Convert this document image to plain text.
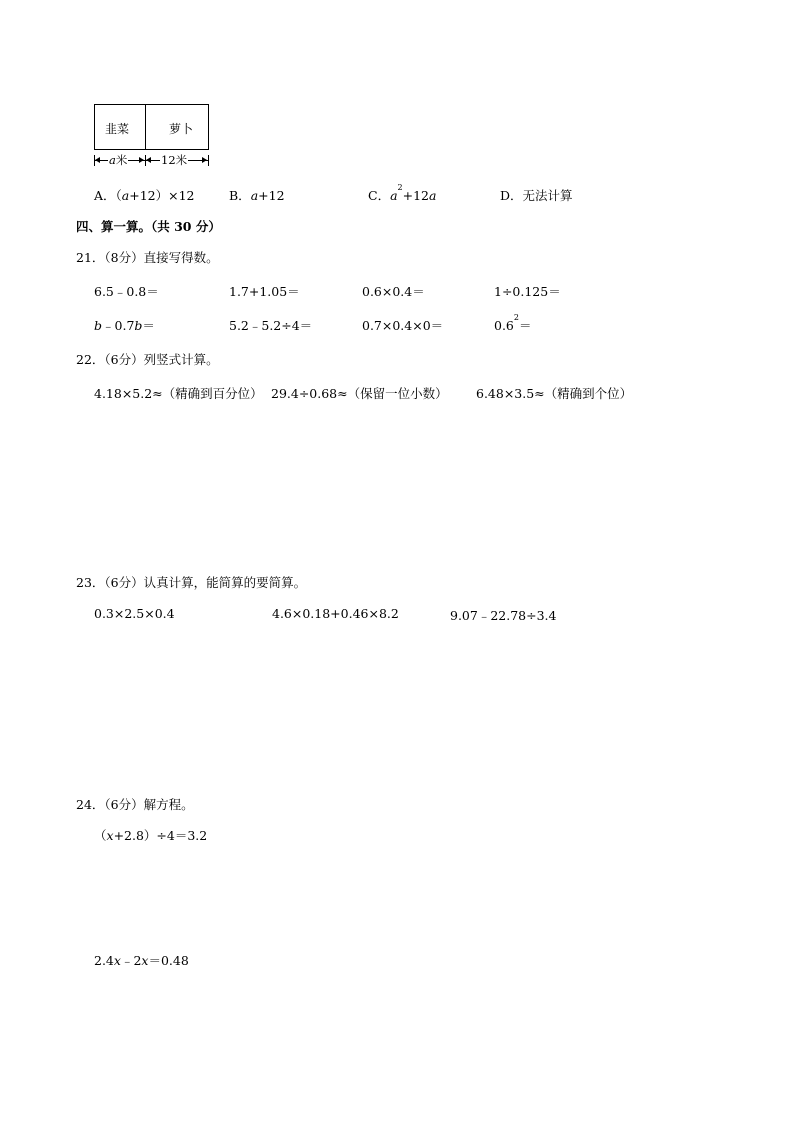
韭菜	萝卜
a米	12米
A．（a+12）×12	B．a+12	C．$a^2+12a$	D．无法计算
四、算一算。（共 30 分）
21．（8分）直接写得数。
6.5﹣0.8＝	1.7+1.05＝	0.6×0.4＝	1÷0.125＝
b﹣0.7b＝	5.2﹣5.2÷4＝	0.7×0.4×0＝	$0.6^2=$
22．（6分）列竖式计算。
4.18×5.2≈（精确到百分位） 29.4÷0.68≈（保留一位小数） 6.48×3.5≈（精确到个位）
23．（6分）认真计算，能简算的要简算。
0.3×2.5×0.4	4.6×0.18+0.46×8.2	9.07﹣22.78÷3.4
24．（6分）解方程。
（x+2.8）÷4＝3.2
2.4x﹣2x＝0.48
